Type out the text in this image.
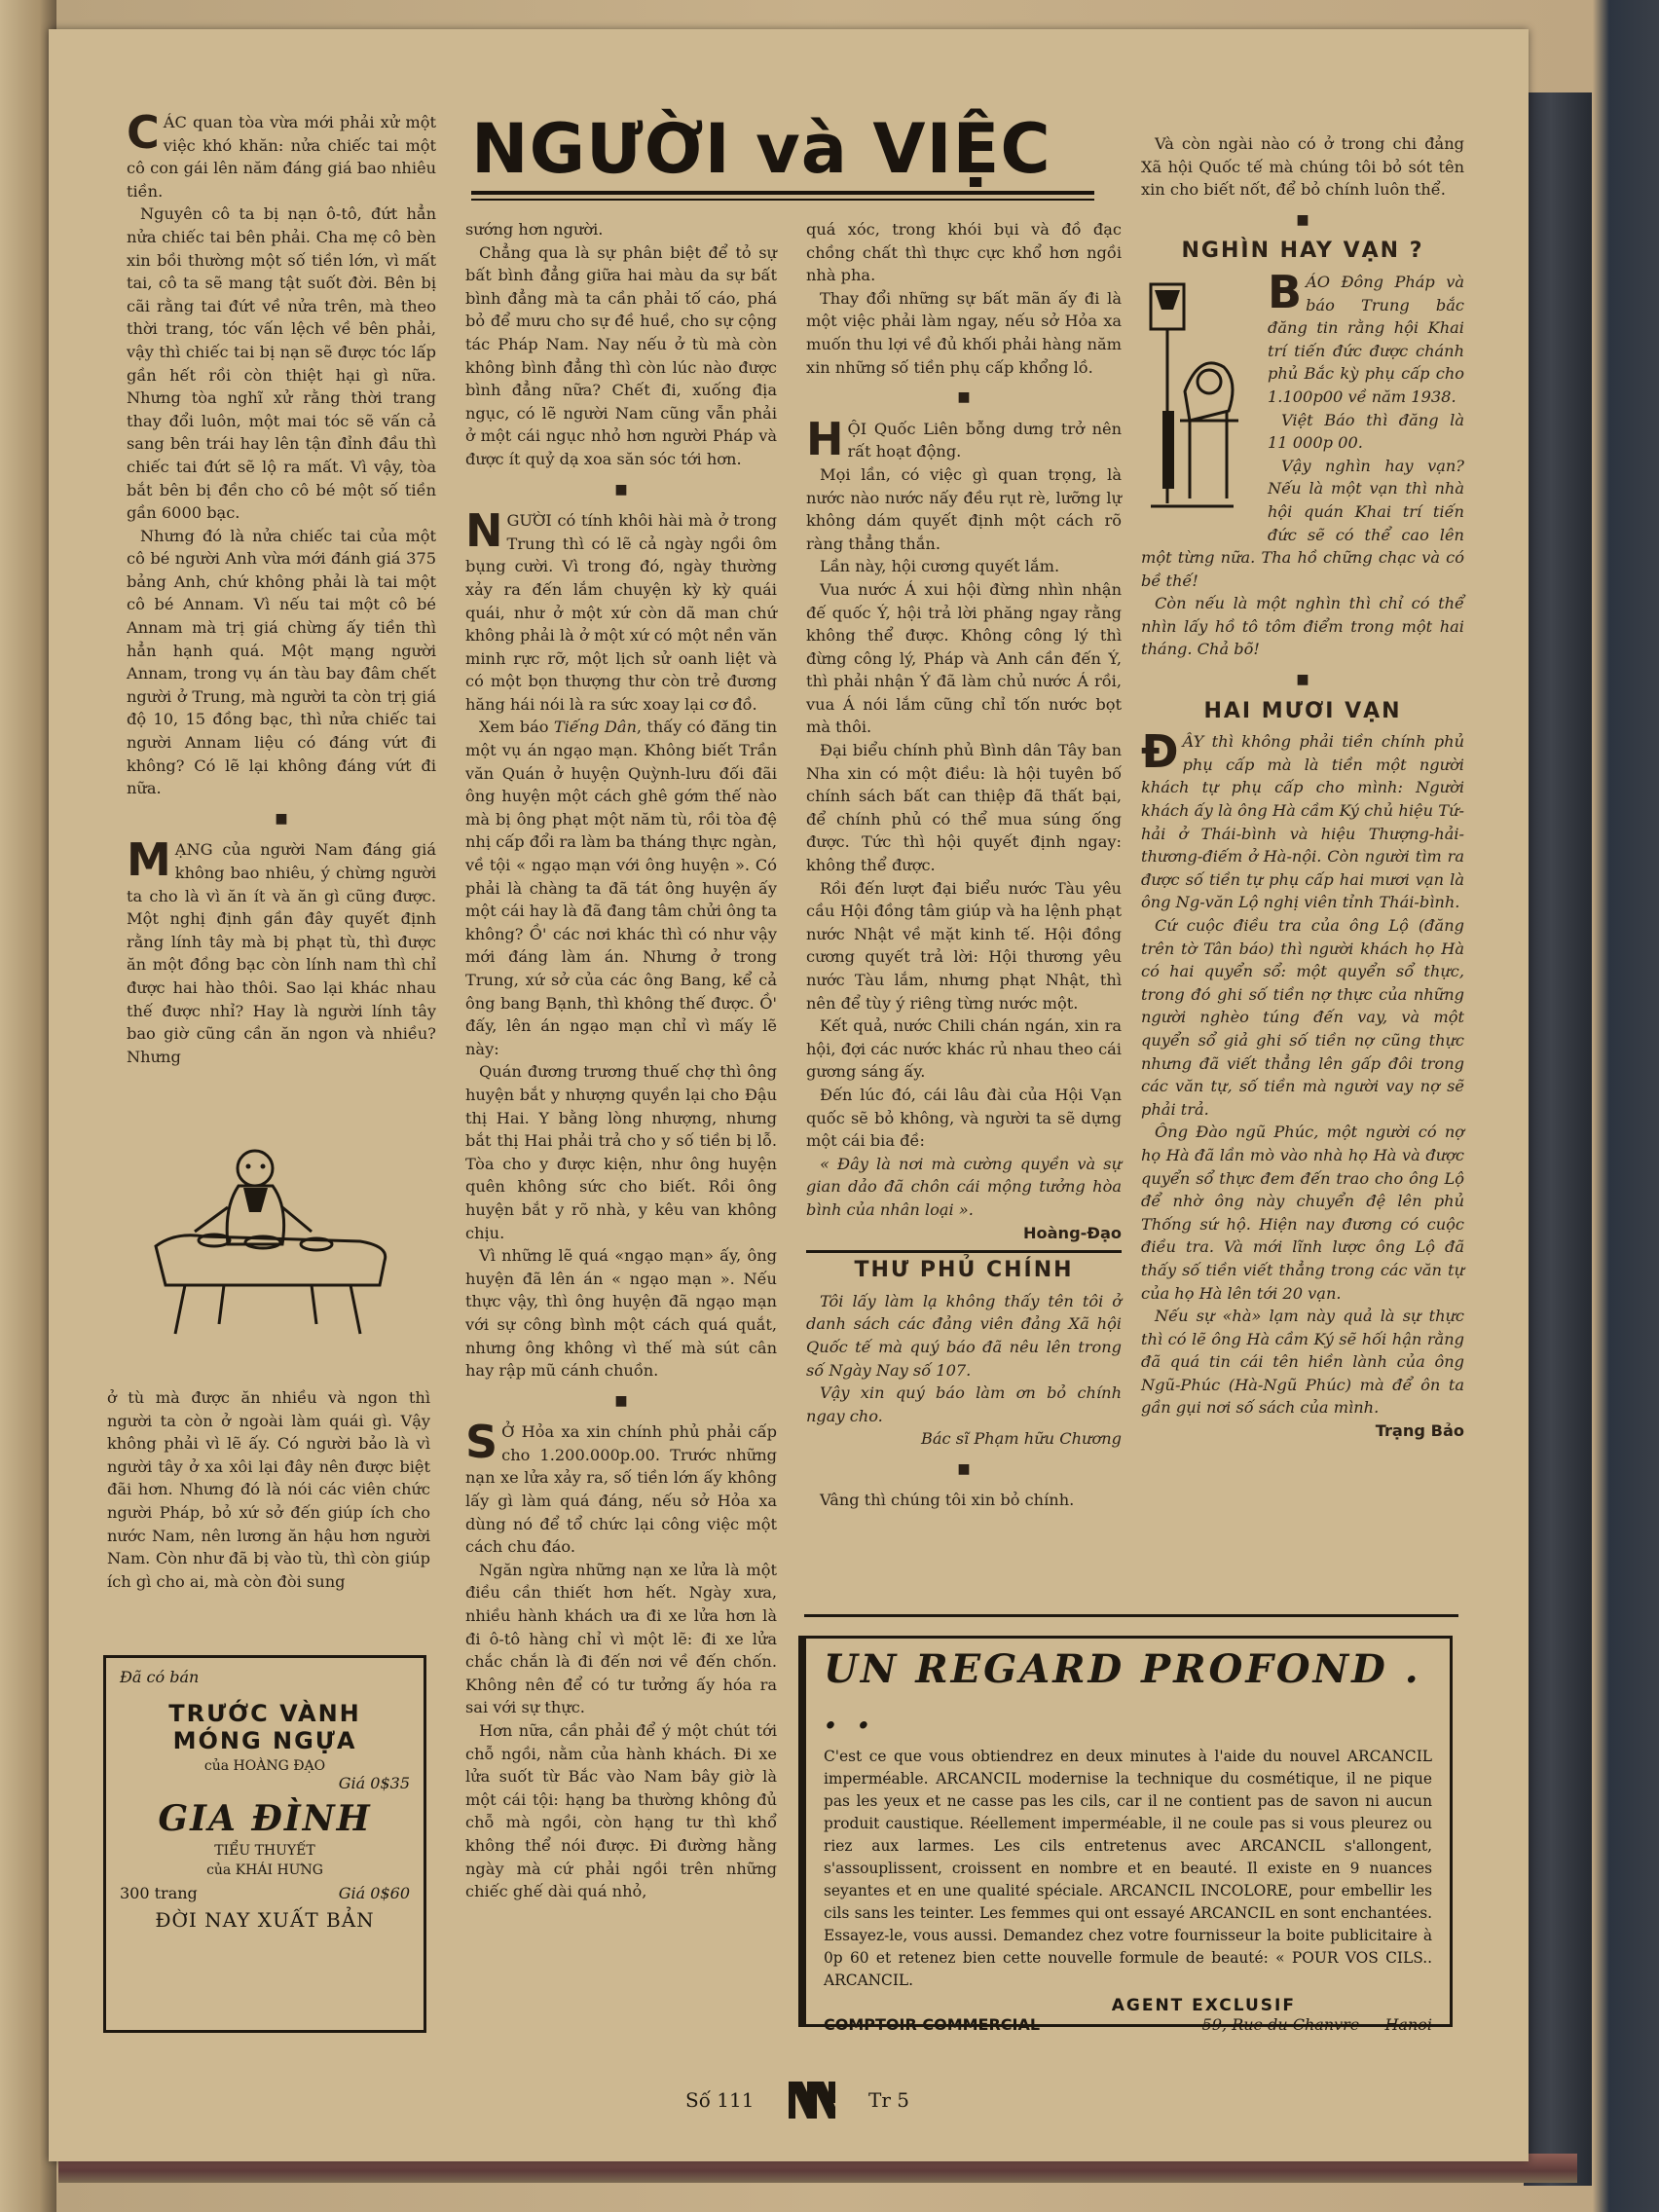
NGƯỜI và VIỆC

CÁC quan tòa vừa mới phải xử một việc khó khăn: nửa chiếc tai một cô con gái lên năm đáng giá bao nhiêu tiền.

Nguyên cô ta bị nạn ô-tô, đứt hẳn nửa chiếc tai bên phải. Cha mẹ cô bèn xin bồi thường một số tiền lớn, vì mất tai, cô ta sẽ mang tật suốt đời. Bên bị cãi rằng tai đứt về nửa trên, mà theo thời trang, tóc vấn lệch về bên phải, vậy thì chiếc tai bị nạn sẽ được tóc lấp gần hết rồi còn thiệt hại gì nữa. Nhưng tòa nghĩ xử rằng thời trang thay đổi luôn, một mai tóc sẽ vấn cả sang bên trái hay lên tận đỉnh đầu thì chiếc tai đứt sẽ lộ ra mất. Vì vậy, tòa bắt bên bị đền cho cô bé một số tiền gần 6000 bạc.

Nhưng đó là nửa chiếc tai của một cô bé người Anh vừa mới đánh giá 375 bảng Anh, chứ không phải là tai một cô bé Annam. Vì nếu tai một cô bé Annam mà trị giá chừng ấy tiền thì hẳn hạnh quá. Một mạng người Annam, trong vụ án tàu bay đâm chết người ở Trung, mà người ta còn trị giá độ 10, 15 đồng bạc, thì nửa chiếc tai người Annam liệu có đáng vứt đi không? Có lẽ lại không đáng vứt đi nữa.

■

MẠNG của người Nam đáng giá không bao nhiêu, ý chừng người ta cho là vì ăn ít và ăn gì cũng được. Một nghị định gần đây quyết định rằng lính tây mà bị phạt tù, thì được ăn một đồng bạc còn lính nam thì chỉ được hai hào thôi. Sao lại khác nhau thế được nhỉ? Hay là người lính tây bao giờ cũng cần ăn ngon và nhiều? Nhưng

ở tù mà được ăn nhiều và ngon thì người ta còn ở ngoài làm quái gì. Vậy không phải vì lẽ ấy. Có người bảo là vì người tây ở xa xôi lại đây nên được biệt đãi hơn. Nhưng đó là nói các viên chức người Pháp, bỏ xứ sở đến giúp ích cho nước Nam, nên lương ăn hậu hơn người Nam. Còn như đã bị vào tù, thì còn giúp ích gì cho ai, mà còn đòi sung

Đã có bán
TRƯỚC VÀNH
MÓNG NGỰA
của HOÀNG ĐẠO
Giá 0$35
GIA ĐÌNH
TIỂU THUYẾT
của KHÁI HƯNG
300 trang	Giá 0$60
ĐỜI NAY XUẤT BẢN

sướng hơn người.

Chẳng qua là sự phân biệt để tỏ sự bất bình đẳng giữa hai màu da sự bất bình đẳng mà ta cần phải tố cáo, phá bỏ để mưu cho sự đề huề, cho sự cộng tác Pháp Nam. Nay nếu ở tù mà còn không bình đẳng thì còn lúc nào được bình đẳng nữa? Chết đi, xuống địa ngục, có lẽ người Nam cũng vẫn phải ở một cái ngục nhỏ hơn người Pháp và được ít quỷ dạ xoa săn sóc tới hơn.

■

NGƯỜI có tính khôi hài mà ở trong Trung thì có lẽ cả ngày ngồi ôm bụng cười. Vì trong đó, ngày thường xảy ra đến lắm chuyện kỳ kỳ quái quái, như ở một xứ còn dã man chứ không phải là ở một xứ có một nền văn minh rực rỡ, một lịch sử oanh liệt và có một bọn thượng thư còn trẻ đương hăng hái nói là ra sức xoay lại cơ đồ.

Xem báo Tiếng Dân, thấy có đăng tin một vụ án ngạo mạn. Không biết Trần văn Quán ở huyện Quỳnh-lưu đối đãi ông huyện một cách ghê gớm thế nào mà bị ông phạt một năm tù, rồi tòa đệ nhị cấp đổi ra làm ba tháng thực ngàn, về tội « ngạo mạn với ông huyện ». Có phải là chàng ta đã tát ông huyện ấy một cái hay là đã đang tâm chửi ông ta không? Ồ' các nơi khác thì có như vậy mới đáng làm án. Nhưng ở trong Trung, xứ sở của các ông Bang, kể cả ông bang Bạnh, thì không thế được. Ồ' đấy, lên án ngạo mạn chỉ vì mấy lẽ này:

Quán đương trương thuế chợ thì ông huyện bắt y nhượng quyền lại cho Đậu thị Hai. Y bằng lòng nhượng, nhưng bắt thị Hai phải trả cho y số tiền bị lỗ. Tòa cho y được kiện, như ông huyện quên không sức cho biết. Rồi ông huyện bắt y rõ nhà, y kêu van không chịu.

Vì những lẽ quá «ngạo mạn» ấy, ông huyện đã lên án « ngạo mạn ». Nếu thực vậy, thì ông huyện đã ngạo mạn với sự công bình một cách quá quắt, nhưng ông không vì thế mà sút cân hay rập mũ cánh chuồn.

■

S Ở Hỏa xa xin chính phủ phải cấp cho 1.200.000p.00. Trước những nạn xe lửa xảy ra, số tiền lớn ấy không lấy gì làm quá đáng, nếu sở Hỏa xa dùng nó để tổ chức lại công việc một cách chu đáo.

Ngăn ngừa những nạn xe lửa là một điều cần thiết hơn hết. Ngày xưa, nhiều hành khách ưa đi xe lửa hơn là đi ô-tô hàng chỉ vì một lẽ: đi xe lửa chắc chắn là đi đến nơi về đến chốn. Không nên để có tư tưởng ấy hóa ra sai với sự thực.

Hơn nữa, cần phải để ý một chút tới chỗ ngồi, nằm của hành khách. Đi xe lửa suốt từ Bắc vào Nam bây giờ là một cái tội: hạng ba thường không đủ chỗ mà ngồi, còn hạng tư thì khổ không thể nói được. Đi đường hằng ngày mà cứ phải ngồi trên những chiếc ghế dài quá nhỏ,

quá xóc, trong khói bụi và đồ đạc chồng chất thì thực cực khổ hơn ngồi nhà pha.

Thay đổi những sự bất mãn ấy đi là một việc phải làm ngay, nếu sở Hỏa xa muốn thu lợi về đủ khối phải hàng năm xin những số tiền phụ cấp khổng lồ.

■

HỘI Quốc Liên bỗng dưng trở nên rất hoạt động.

Mọi lần, có việc gì quan trọng, là nước nào nước nấy đều rụt rè, lưỡng lự không dám quyết định một cách rõ ràng thẳng thắn.

Lần này, hội cương quyết lắm.

Vua nước Á xui hội đừng nhìn nhận đế quốc Ý, hội trả lời phăng ngay rằng không thể được. Không công lý thì đừng công lý, Pháp và Anh cần đến Ý, thì phải nhận Ý đã làm chủ nước Á rồi, vua Á nói lắm cũng chỉ tốn nước bọt mà thôi.

Đại biểu chính phủ Bình dân Tây ban Nha xin có một điều: là hội tuyên bố chính sách bất can thiệp đã thất bại, để chính phủ có thể mua súng ống được. Tức thì hội quyết định ngay: không thể được.

Rồi đến lượt đại biểu nước Tàu yêu cầu Hội đồng tâm giúp và ha lệnh phạt nước Nhật về mặt kinh tế. Hội đồng cương quyết trả lời: Hội thương yêu nước Tàu lắm, nhưng phạt Nhật, thì nên để tùy ý riêng từng nước một.

Kết quả, nước Chili chán ngán, xin ra hội, đợi các nước khác rủ nhau theo cái gương sáng ấy.

Đến lúc đó, cái lâu đài của Hội Vạn quốc sẽ bỏ không, và người ta sẽ dựng một cái bia đề:

« Đây là nơi mà cường quyền và sự gian dảo đã chôn cái mộng tưởng hòa bình của nhân loại ».

Hoàng-Đạo
THƯ PHỦ CHÍNH

Tôi lấy làm lạ không thấy tên tôi ở danh sách các đảng viên đảng Xã hội Quốc tế mà quý báo đã nêu lên trong số Ngày Nay số 107.

Vậy xin quý báo làm ơn bỏ chính ngay cho.

Bác sĩ Phạm hữu Chương
■

Vâng thì chúng tôi xin bỏ chính.

Và còn ngài nào có ở trong chi đảng Xã hội Quốc tế mà chúng tôi bỏ sót tên xin cho biết nốt, để bỏ chính luôn thể.

■
NGHÌN HAY VẠN ?

BÁO Đông Pháp và báo Trung bắc đăng tin rằng hội Khai trí tiến đức được chánh phủ Bắc kỳ phụ cấp cho 1.100p00 về năm 1938.

Việt Báo thì đăng là 11 000p 00.

Vậy nghìn hay vạn? Nếu là một vạn thì nhà hội quán Khai trí tiến đức sẽ có thể cao lên một từng nữa. Tha hồ chững chạc và có bề thế!

Còn nếu là một nghìn thì chỉ có thể nhìn lấy hồ tô tôm điểm trong một hai tháng. Chả bõ!

■
HAI MƯƠI VẠN

ĐÂY thì không phải tiền chính phủ phụ cấp mà là tiền một người khách tự phụ cấp cho mình: Người khách ấy là ông Hà cầm Ký chủ hiệu Tứ-hải ở Thái-bình và hiệu Thượng-hải-thương-điếm ở Hà-nội. Còn người tìm ra được số tiền tự phụ cấp hai mươi vạn là ông Ng-văn Lộ nghị viên tỉnh Thái-bình.

Cứ cuộc điều tra của ông Lộ (đăng trên tờ Tân báo) thì người khách họ Hà có hai quyển sổ: một quyển sổ thực, trong đó ghi số tiền nợ thực của những người nghèo túng đến vay, và một quyển sổ giả ghi số tiền nợ cũng thực nhưng đã viết thẳng lên gấp đôi trong các văn tự, số tiền mà người vay nợ sẽ phải trả.

Ông Đào ngũ Phúc, một người có nợ họ Hà đã lần mò vào nhà họ Hà và được quyển sổ thực đem đến trao cho ông Lộ để nhờ ông này chuyển đệ lên phủ Thống sứ hộ. Hiện nay đương có cuộc điều tra. Và mới lĩnh lược ông Lộ đã thấy số tiền viết thẳng trong các văn tự của họ Hà lên tới 20 vạn.

Nếu sự «hà» lạm này quả là sự thực thì có lẽ ông Hà cầm Ký sẽ hối hận rằng đã quá tin cái tên hiền lành của ông Ngũ-Phúc (Hà-Ngũ Phúc) mà để ôn ta gần gụi nơi số sách của mình.

Trạng Bảo
UN REGARD PROFOND . . .
C'est ce que vous obtiendrez en deux minutes à l'aide du nouvel ARCANCIL imperméable. ARCANCIL modernise la technique du cosmétique, il ne pique pas les yeux et ne casse pas les cils, car il ne contient pas de savon ni aucun produit caustique. Réellement imperméable, il ne coule pas si vous pleurez ou riez aux larmes. Les cils entretenus avec ARCANCIL s'allongent, s'assouplissent, croissent en nombre et en beauté. Il existe en 9 nuances seyantes et en une qualité spéciale. ARCANCIL INCOLORE, pour embellir les cils sans les teinter. Les femmes qui ont essayé ARCANCIL en sont enchantées. Essayez-le, vous aussi. Demandez chez votre fournisseur la boite publicitaire à 0p 60 et retenez bien cette nouvelle formule de beauté: « POUR VOS CILS.. ARCANCIL.
AGENT EXCLUSIF
COMPTOIR COMMERCIAL	59, Rue du Chanvre — Hanoi
Số 111	Tr 5
